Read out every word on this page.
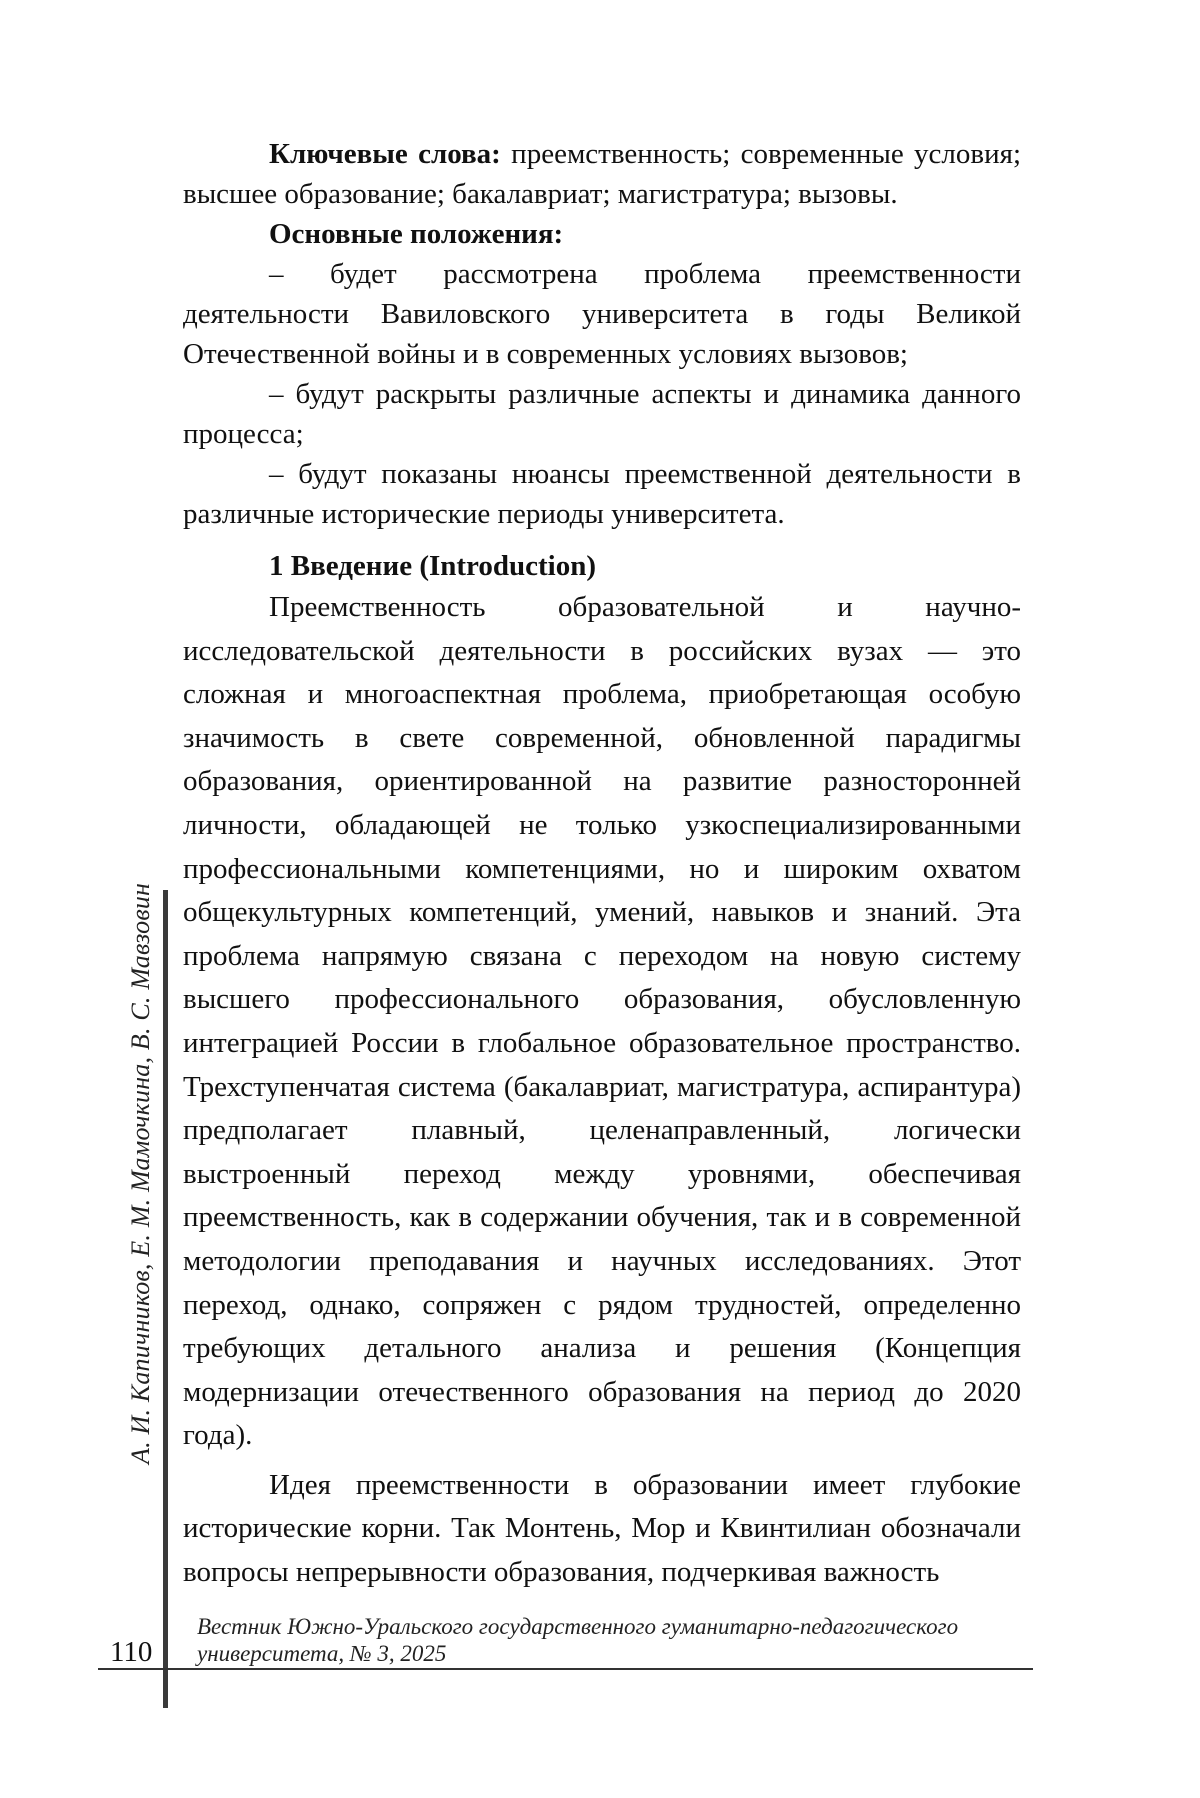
Ключевые слова: преемственность; современные условия; высшее образование; бакалавриат; магистратура; вызовы.

Основные положения:

– будет рассмотрена проблема преемственности деятельности Вавиловского университета в годы Великой Отечественной войны и в современных условиях вызовов;

– будут раскрыты различные аспекты и динамика данного процесса;

– будут показаны нюансы преемственной деятельности в различные исторические периоды университета.

1 Введение (Introduction)

Преемственность образовательной и научно-исследовательской деятельности в российских вузах — это сложная и многоаспектная проблема, приобретающая особую значимость в свете современной, обновленной парадигмы образования, ориентированной на развитие разносторонней личности, обладающей не только узкоспециализированными профессиональными компетенциями, но и широким охватом общекультурных компетенций, умений, навыков и знаний. Эта проблема напрямую связана с переходом на новую систему высшего профессионального образования, обусловленную интеграцией России в глобальное образовательное пространство. Трехступенчатая система (бакалавриат, магистратура, аспирантура) предполагает плавный, целенаправленный, логически выстроенный переход между уровнями, обеспечивая преемственность, как в содержании обучения, так и в современной методологии преподавания и научных исследованиях. Этот переход, однако, сопряжен с рядом трудностей, определенно требующих детального анализа и решения (Концепция модернизации отечественного образования на период до 2020 года).

Идея преемственности в образовании имеет глубокие исторические корни. Так Монтень, Мор и Квинтилиан обозначали вопросы непрерывности образования, подчеркивая важность

А. И. Капичников, Е. М. Мамочкина, В. С. Мавзовин
Вестник Южно-Уральского государственного гуманитарно-педагогического университета, № 3, 2025
110
